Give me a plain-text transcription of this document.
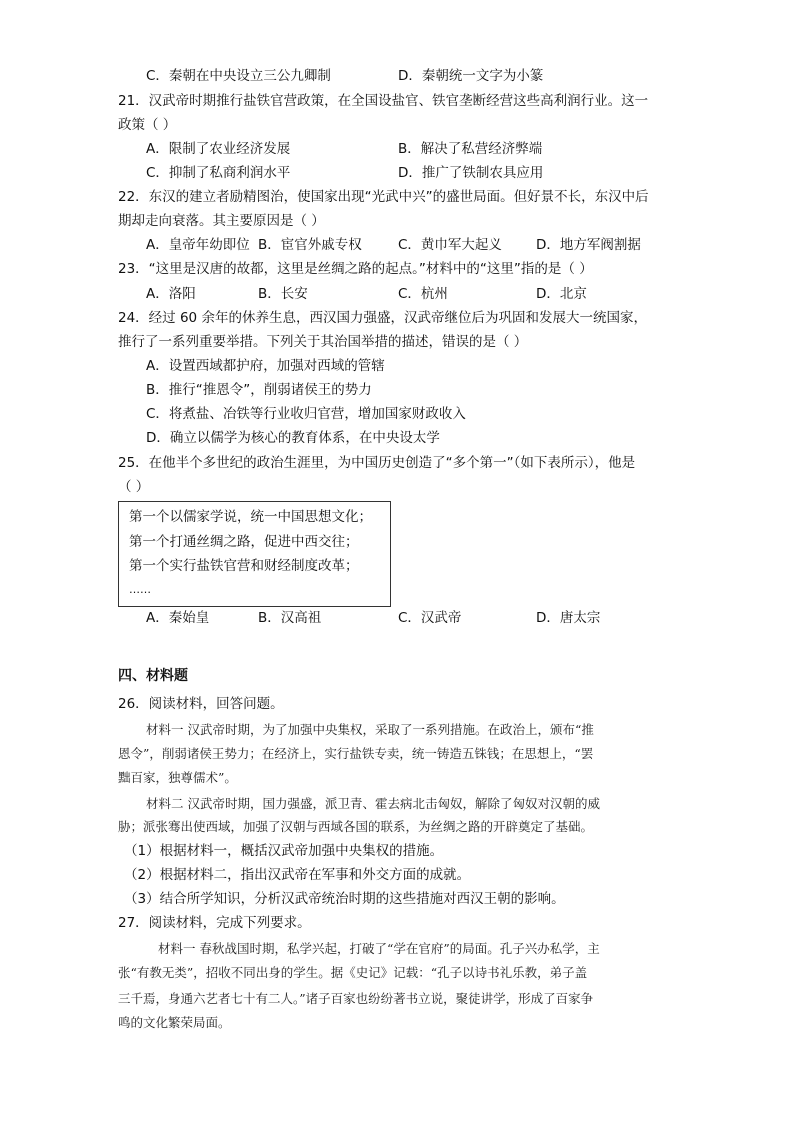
C．秦朝在中央设立三公九卿制	D．秦朝统一文字为小篆
21．汉武帝时期推行盐铁官营政策，在全国设盐官、铁官垄断经营这些高利润行业。这一
政策（ ）
A．限制了农业经济发展	B．解决了私营经济弊端
C．抑制了私商利润水平	D．推广了铁制农具应用
22．东汉的建立者励精图治，使国家出现“光武中兴”的盛世局面。但好景不长，东汉中后
期却走向衰落。其主要原因是（ ）
A．皇帝年幼即位 B．宦官外戚专权	C．黄巾军大起义	D．地方军阀割据
23．“这里是汉唐的故都，这里是丝绸之路的起点。”材料中的“这里”指的是（ ）
A．洛阳	B．长安	C．杭州	D．北京
24．经过 60 余年的休养生息，西汉国力强盛，汉武帝继位后为巩固和发展大一统国家，
推行了一系列重要举措。下列关于其治国举措的描述，错误的是（ ）
A．设置西域都护府，加强对西域的管辖
B．推行“推恩令”，削弱诸侯王的势力
C．将煮盐、冶铁等行业收归官营，增加国家财政收入
D．确立以儒学为核心的教育体系，在中央设太学
25．在他半个多世纪的政治生涯里，为中国历史创造了“多个第一”（如下表所示），他是
（ ）
第一个以儒家学说，统一中国思想文化；
第一个打通丝绸之路，促进中西交往；
第一个实行盐铁官营和财经制度改革；
……
A．秦始皇	B．汉高祖	C．汉武帝	D．唐太宗
四、材料题
26．阅读材料，回答问题。
材料一 汉武帝时期，为了加强中央集权，采取了一系列措施。在政治上，颁布“推
恩令”，削弱诸侯王势力；在经济上，实行盐铁专卖，统一铸造五铢钱；在思想上，“罢
黜百家，独尊儒术”。
材料二 汉武帝时期，国力强盛，派卫青、霍去病北击匈奴，解除了匈奴对汉朝的威
胁；派张骞出使西域，加强了汉朝与西域各国的联系，为丝绸之路的开辟奠定了基础。
（1）根据材料一，概括汉武帝加强中央集权的措施。
（2）根据材料二，指出汉武帝在军事和外交方面的成就。
（3）结合所学知识，分析汉武帝统治时期的这些措施对西汉王朝的影响。
27．阅读材料，完成下列要求。
材料一 春秋战国时期，私学兴起，打破了“学在官府”的局面。孔子兴办私学，主
张“有教无类”，招收不同出身的学生。据《史记》记载：“孔子以诗书礼乐教，弟子盖
三千焉，身通六艺者七十有二人。”诸子百家也纷纷著书立说，聚徒讲学，形成了百家争
鸣的文化繁荣局面。
